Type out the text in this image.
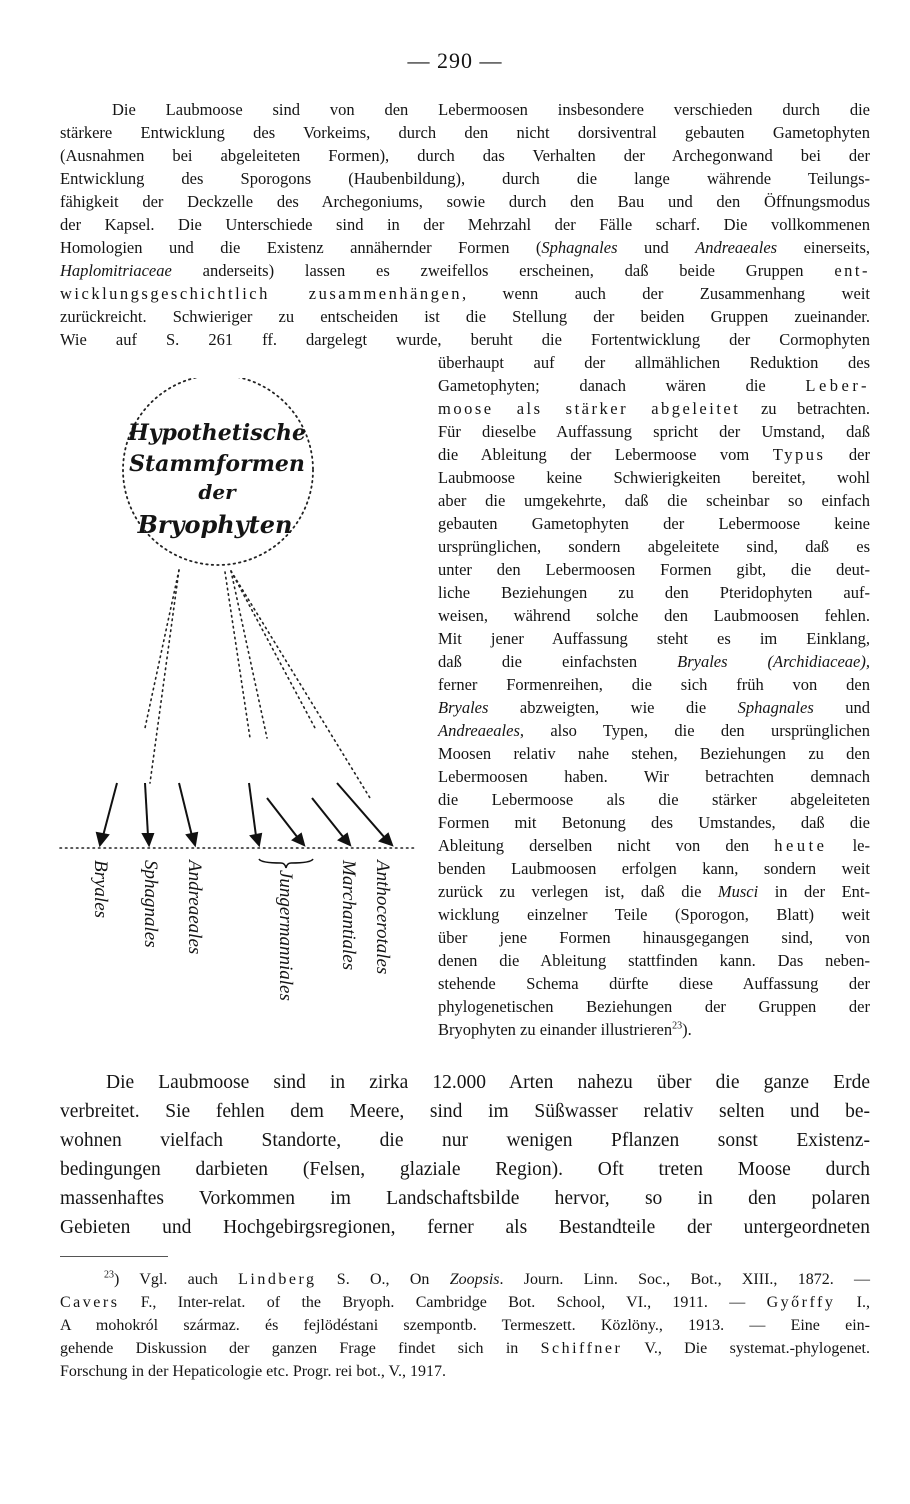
— 290 —
Die Laubmoose sind von den Lebermoosen insbesondere verschieden durch die
stärkere Entwicklung des Vorkeims, durch den nicht dorsiventral gebauten Gametophyten
(Ausnahmen bei abgeleiteten Formen), durch das Verhalten der Archegonwand bei der
Entwicklung des Sporogons (Haubenbildung), durch die lange währende Teilungs-
fähigkeit der Deckzelle des Archegoniums, sowie durch den Bau und den Öffnungsmodus
der Kapsel. Die Unterschiede sind in der Mehrzahl der Fälle scharf. Die vollkommenen
Homologien und die Existenz annähernder Formen (Sphagnales und Andreaeales einerseits,
Haplomitriaceae anderseits) lassen es zweifellos erscheinen, daß beide Gruppen ent-
wicklungsgeschichtlich zusammenhängen, wenn auch der Zusammenhang weit
zurückreicht. Schwieriger zu entscheiden ist die Stellung der beiden Gruppen zueinander.
Wie auf S. 261 ff. dargelegt wurde, beruht die Fortentwicklung der Cormophyten
überhaupt auf der allmählichen Reduktion des
Gametophyten; danach wären die Leber-
moose als stärker abgeleitet zu betrachten.
Für dieselbe Auffassung spricht der Umstand, daß
die Ableitung der Lebermoose vom Typus der
Laubmoose keine Schwierigkeiten bereitet, wohl
aber die umgekehrte, daß die scheinbar so einfach
gebauten Gametophyten der Lebermoose keine
ursprünglichen, sondern abgeleitete sind, daß es
unter den Lebermoosen Formen gibt, die deut-
liche Beziehungen zu den Pteridophyten auf-
weisen, während solche den Laubmoosen fehlen.
Mit jener Auffassung steht es im Einklang,
daß die einfachsten Bryales (Archidiaceae),
ferner Formenreihen, die sich früh von den
Bryales abzweigten, wie die Sphagnales und
Andreaeales, also Typen, die den ursprünglichen
Moosen relativ nahe stehen, Beziehungen zu den
Lebermoosen haben. Wir betrachten demnach
die Lebermoose als die stärker abgeleiteten
Formen mit Betonung des Umstandes, daß die
Ableitung derselben nicht von den heute le-
benden Laubmoosen erfolgen kann, sondern weit
zurück zu verlegen ist, daß die Musci in der Ent-
wicklung einzelner Teile (Sporogon, Blatt) weit
über jene Formen hinausgegangen sind, von
denen die Ableitung stattfinden kann. Das neben-
stehende Schema dürfte diese Auffassung der
phylogenetischen Beziehungen der Gruppen der
Bryophyten zu einander illustrieren$^{23}$).
Hypothetische
Stammformen
der
Bryophyten
Bryales Sphagnales Andreaeales	Jungermanniales Marchantiales Anthocerotales
Die Laubmoose sind in zirka 12.000 Arten nahezu über die ganze Erde
verbreitet. Sie fehlen dem Meere, sind im Süßwasser relativ selten und be-
wohnen vielfach Standorte, die nur wenigen Pflanzen sonst Existenz-
bedingungen darbieten (Felsen, glaziale Region). Oft treten Moose durch
massenhaftes Vorkommen im Landschaftsbilde hervor, so in den polaren
Gebieten und Hochgebirgsregionen, ferner als Bestandteile der untergeordneten
$^{23}$) Vgl. auch Lindberg S. O., On Zoopsis. Journ. Linn. Soc., Bot., XIII., 1872. —
Cavers F., Inter-relat. of the Bryoph. Cambridge Bot. School, VI., 1911. — Győrffy I.,
A mohokról származ. és fejlödéstani szempontb. Termeszett. Közlöny., 1913. — Eine ein-
gehende Diskussion der ganzen Frage findet sich in Schiffner V., Die systemat.-phylogenet.
Forschung in der Hepaticologie etc. Progr. rei bot., V., 1917.
